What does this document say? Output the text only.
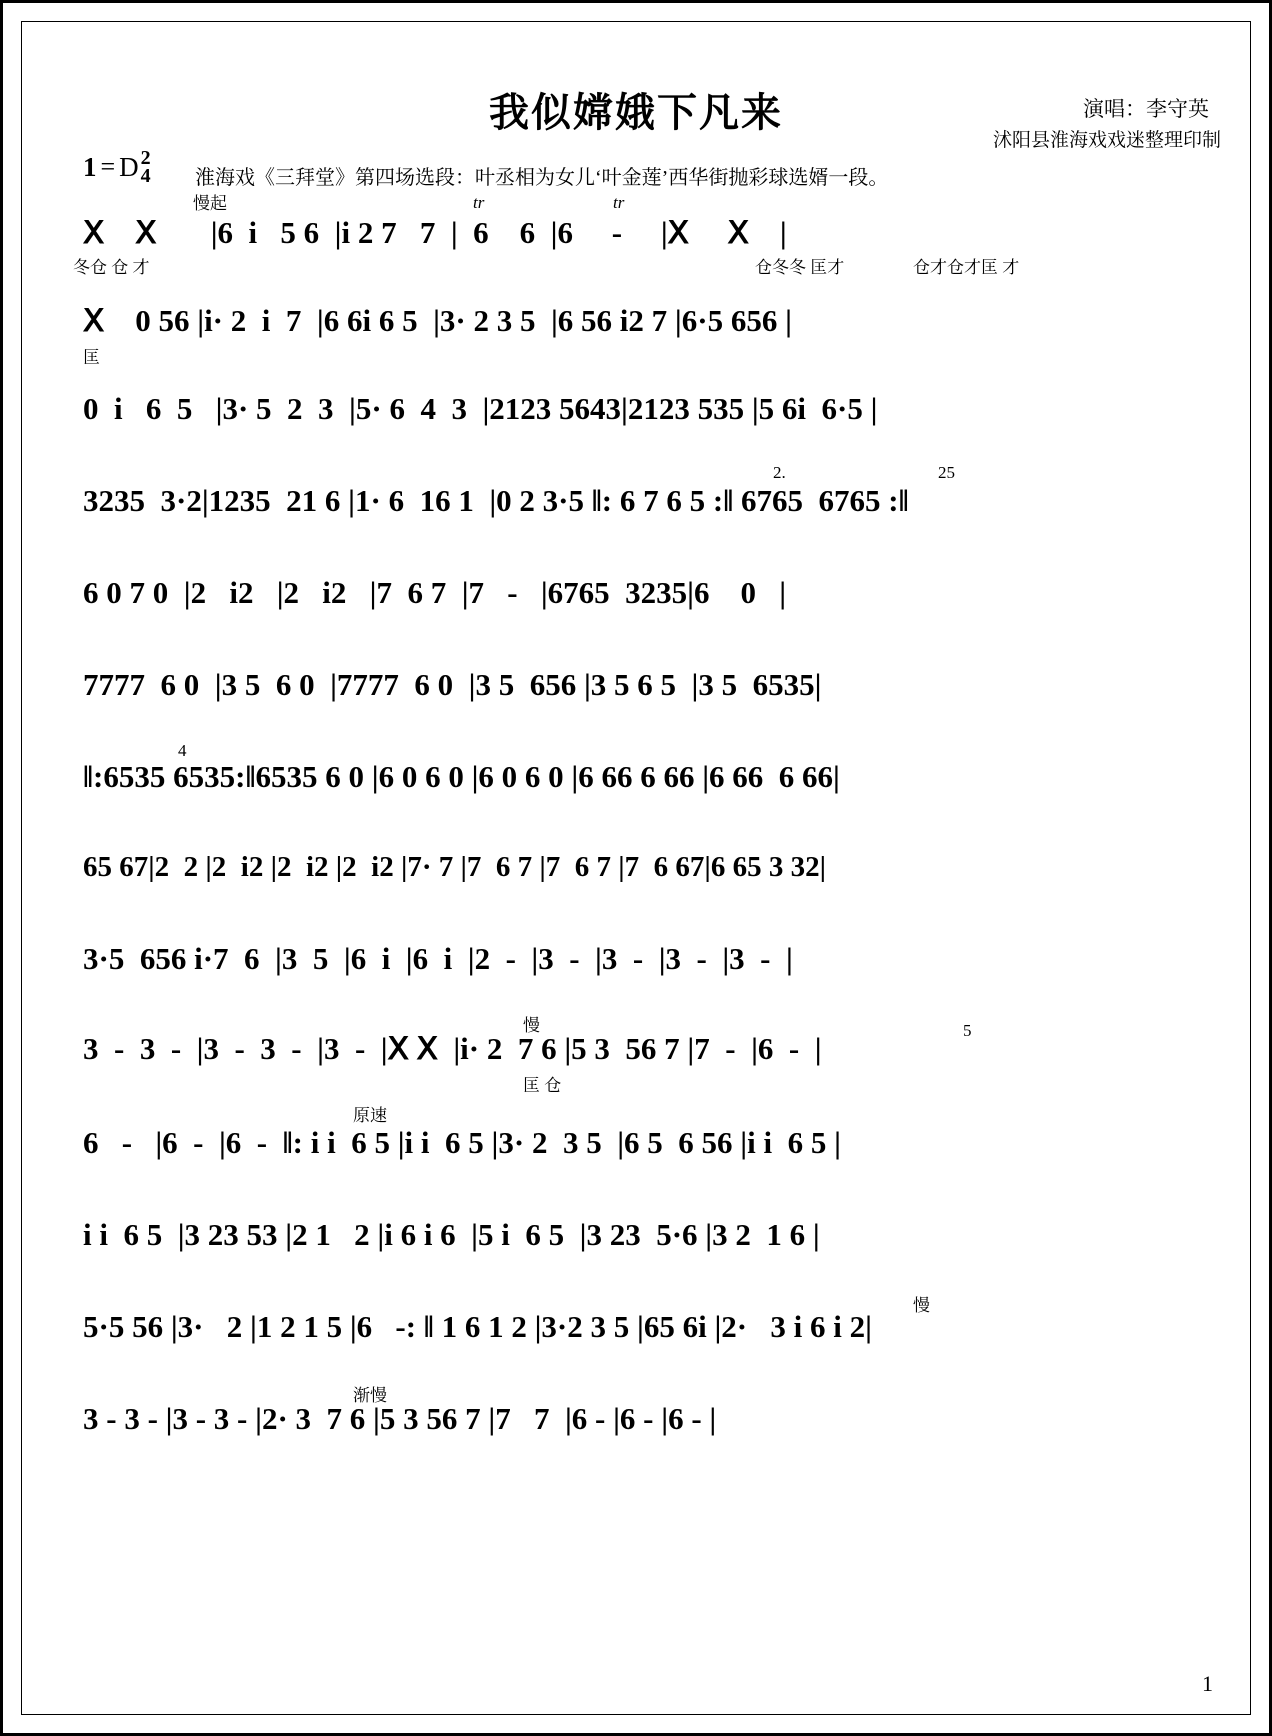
我似嫦娥下凡来	演唱：李守英
沭阳县淮海戏戏迷整理印制
1 = D 2
4 淮海戏《三拜堂》第四场选段：叶丞相为女儿‘叶金莲’西华街抛彩球选婿一段。
Ⅹ    Ⅹ       |6  i   5 6  |i 2 7   7  |  6    6  |6     -     |Ⅹ     Ⅹ    |
慢起	tr	tr
冬仓 仓 才	仓冬冬 匡才	仓才仓才匡 才
Ⅹ    0 56 |i· 2  i  7  |6 6i 6 5  |3· 2 3 5  |6 56 i2 7 |6·5 656 |
匡
0  i   6  5   |3· 5  2  3  |5· 6  4  3  |2123 5643|2123 535 |5 6i  6·5 |
3235  3·2|1235  21 6 |1· 6  16 1  |0 2 3·5 ‖: 6 7 6 5 :‖ 6765  6765 :‖
2.	25
6 0 7 0  |2   i2   |2   i2   |7  6 7  |7   -   |6765  3235|6    0   |
7777  6 0  |3 5  6 0  |7777  6 0  |3 5  656 |3 5 6 5  |3 5  6535|
‖:6535 6535:‖6535 6 0 |6 0 6 0 |6 0 6 0 |6 66 6 66 |6 66  6 66|
4
65 67|2  2 |2  i2 |2  i2 |2  i2 |7· 7 |7  6 7 |7  6 7 |7  6 67|6 65 3 32|
3·5  656 i·7  6  |3  5  |6  i  |6  i  |2  -  |3  -  |3  -  |3  -  |3  -  |
3  -  3  -  |3  -  3  -  |3  -  |Ⅹ Ⅹ  |i· 2  7 6 |5 3  56 7 |7  -  |6  -  |
慢
匡 仓
5
6   -   |6  -  |6  -  ‖: i i  6 5 |i i  6 5 |3· 2  3 5  |6 5  6 56 |i i  6 5 |
原速
i i  6 5  |3 23 53 |2 1   2 |i 6 i 6  |5 i  6 5  |3 23  5·6 |3 2  1 6 |
5·5 56 |3·   2 |1 2 1 5 |6   -: ‖ 1 6 1 2 |3·2 3 5 |65 6i |2·   3 i 6 i 2|
慢
3 - 3 - |3 - 3 - |2· 3  7 6 |5 3 56 7 |7   7  |6 - |6 - |6 - |
渐慢
1
